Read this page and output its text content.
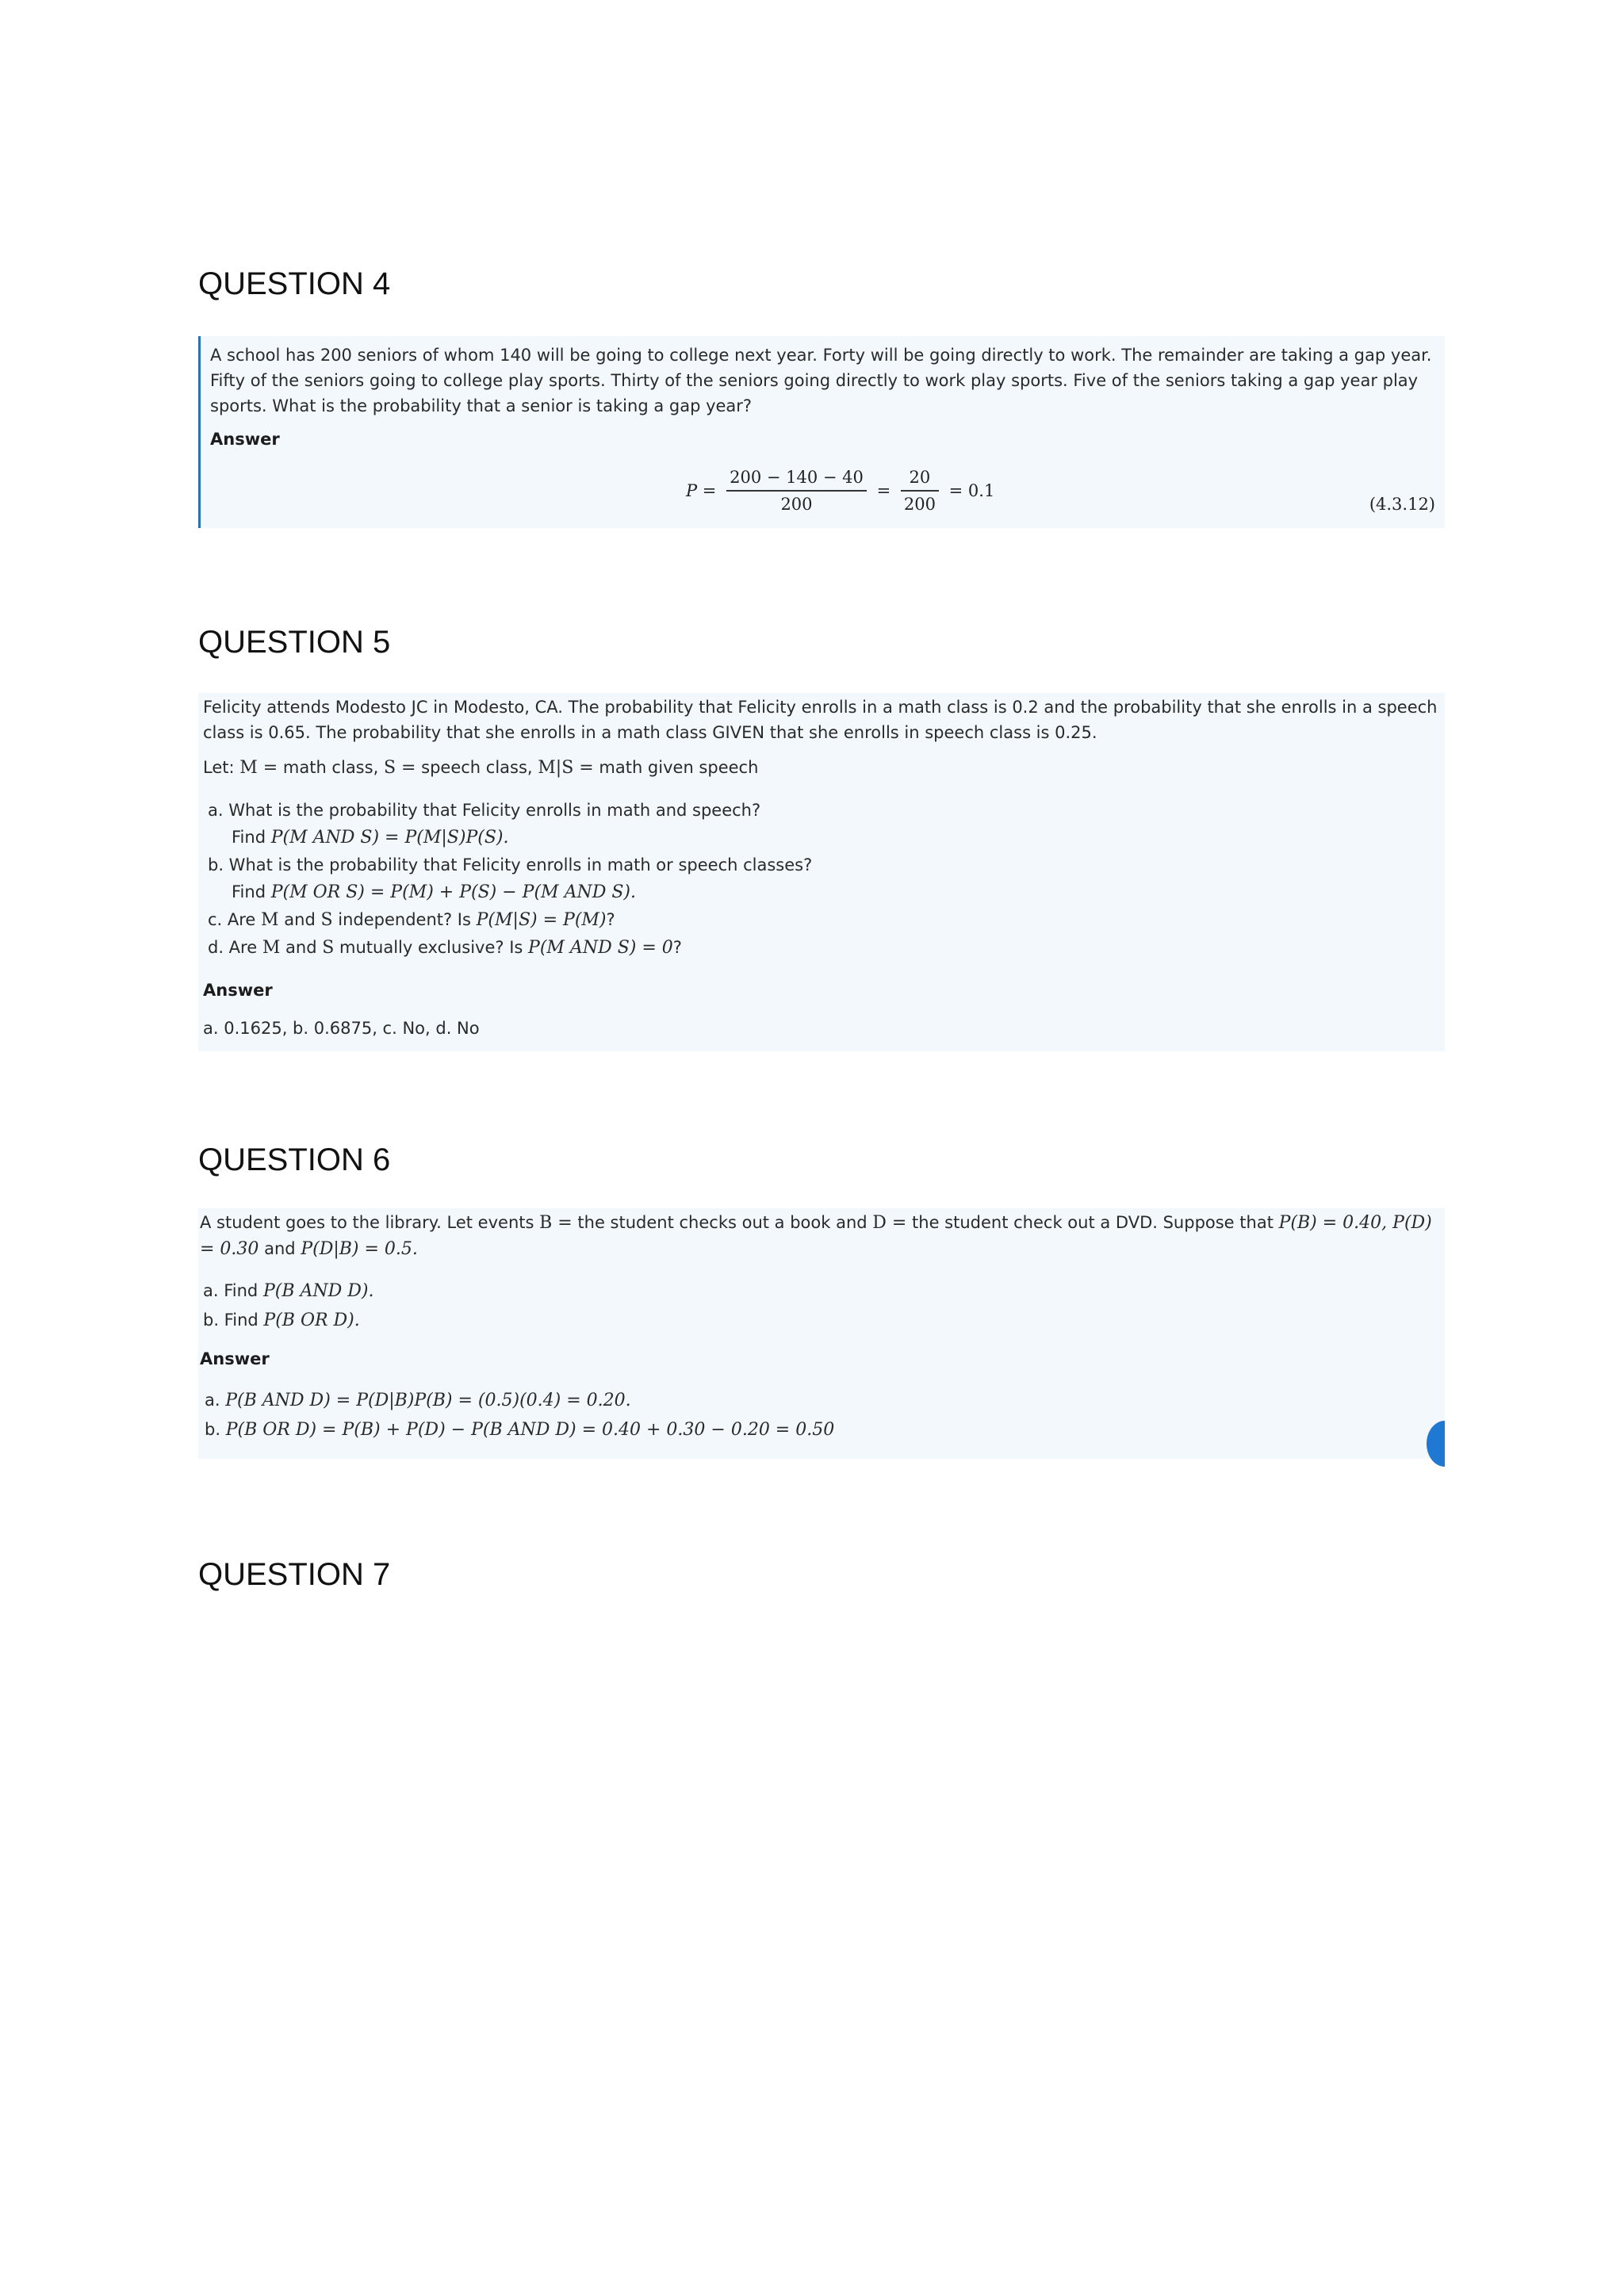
QUESTION 4

A school has 200 seniors of whom 140 will be going to college next year. Forty will be going directly to work. The remainder are taking a gap year. Fifty of the seniors going to college play sports. Thirty of the seniors going directly to work play sports. Five of the seniors taking a gap year play sports. What is the probability that a senior is taking a gap year?

Answer

$P = \frac{200 - 140 - 40}{200} = \frac{20}{200} = 0.1$
(4.3.12)
QUESTION 5

Felicity attends Modesto JC in Modesto, CA. The probability that Felicity enrolls in a math class is 0.2 and the probability that she enrolls in a speech class is 0.65. The probability that she enrolls in a math class GIVEN that she enrolls in speech class is 0.25.

Let: M = math class, S = speech class, M|S = math given speech

a. What is the probability that Felicity enrolls in math and speech?
Find P(M AND S) = P(M|S)P(S).
b. What is the probability that Felicity enrolls in math or speech classes?
Find P(M OR S) = P(M) + P(S) − P(M AND S).
c. Are M and S independent? Is P(M|S) = P(M)?
d. Are M and S mutually exclusive? Is P(M AND S) = 0?

Answer

a. 0.1625, b. 0.6875, c. No, d. No

QUESTION 6

A student goes to the library. Let events B = the student checks out a book and D = the student check out a DVD. Suppose that P(B) = 0.40, P(D) = 0.30 and P(D|B) = 0.5.

a. Find P(B AND D).
b. Find P(B OR D).

Answer

a. P(B AND D) = P(D|B)P(B) = (0.5)(0.4) = 0.20.
b. P(B OR D) = P(B) + P(D) − P(B AND D) = 0.40 + 0.30 − 0.20 = 0.50
QUESTION 7
